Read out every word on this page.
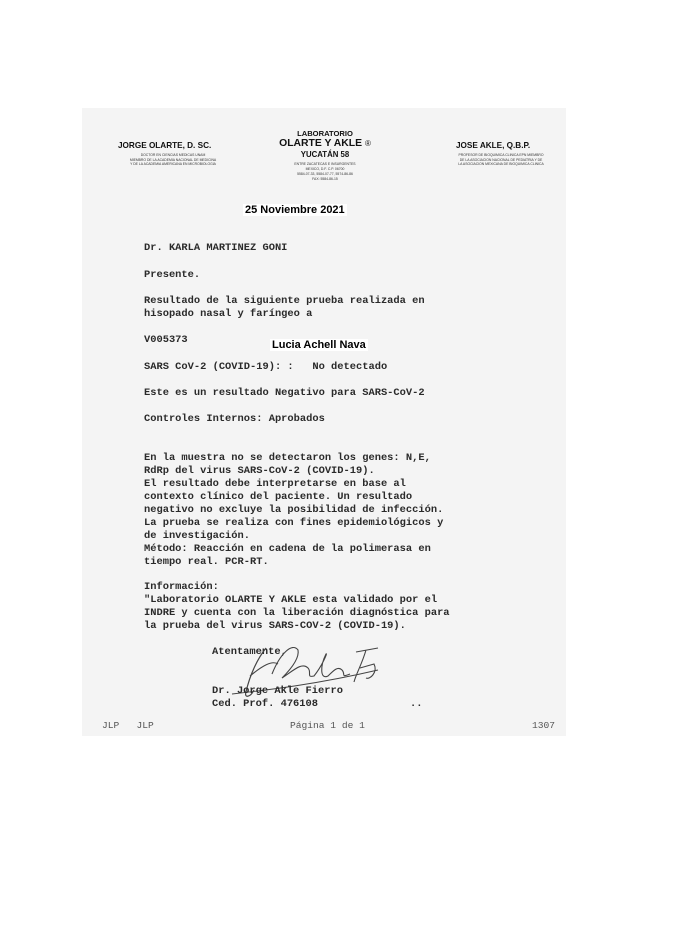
JORGE OLARTE, D. SC.
DOCTOR EN CIENCIAS MEDICAS UNAM
MIEMBRO DE LA ACADEMIA NACIONAL DE MEDICINA
Y DE LA ACADEMIA AMERICANA EN MICROBIOLOGIA
LABORATORIO
OLARTE Y AKLE ®
YUCATÁN 58
ENTRE ZACATECAS E INSURGENTES
MEXICO, D.F. C.P. 06700
5584-07-33, 5584-07-77, 5574-86-86
FAX: 5584-86-15
JOSE AKLE, Q.B.P.
PROFESOR DE BIOQUIMICA CLINICA EPN MIEMBRO
DE LA ASOCIACION NACIONAL DE PEDIATRIA Y DE
LA ASOCIACION MEXICANA DE BIOQUIMICA CLINICA
25 Noviembre 2021
Dr. KARLA MARTINEZ GONI
Presente.
Resultado de la siguiente prueba realizada en
hisopado nasal y faríngeo a
V005373	Lucia Achell Nava
SARS CoV-2 (COVID-19): :   No detectado
Este es un resultado Negativo para SARS-CoV-2
Controles Internos: Aprobados
En la muestra no se detectaron los genes: N,E,
RdRp del virus SARS-CoV-2 (COVID-19).
El resultado debe interpretarse en base al
contexto clínico del paciente. Un resultado
negativo no excluye la posibilidad de infección.
La prueba se realiza con fines epidemiológicos y
de investigación.
Método: Reacción en cadena de la polimerasa en
tiempo real. PCR-RT.
Información:
"Laboratorio OLARTE Y AKLE esta validado por el
INDRE y cuenta con la liberación diagnóstica para
la prueba del virus SARS-COV-2 (COVID-19).
Atentamente,
Dr. Jorge Akle Fierro
Ced. Prof. 476108	..
JLP   JLP	Página 1 de 1	1307
